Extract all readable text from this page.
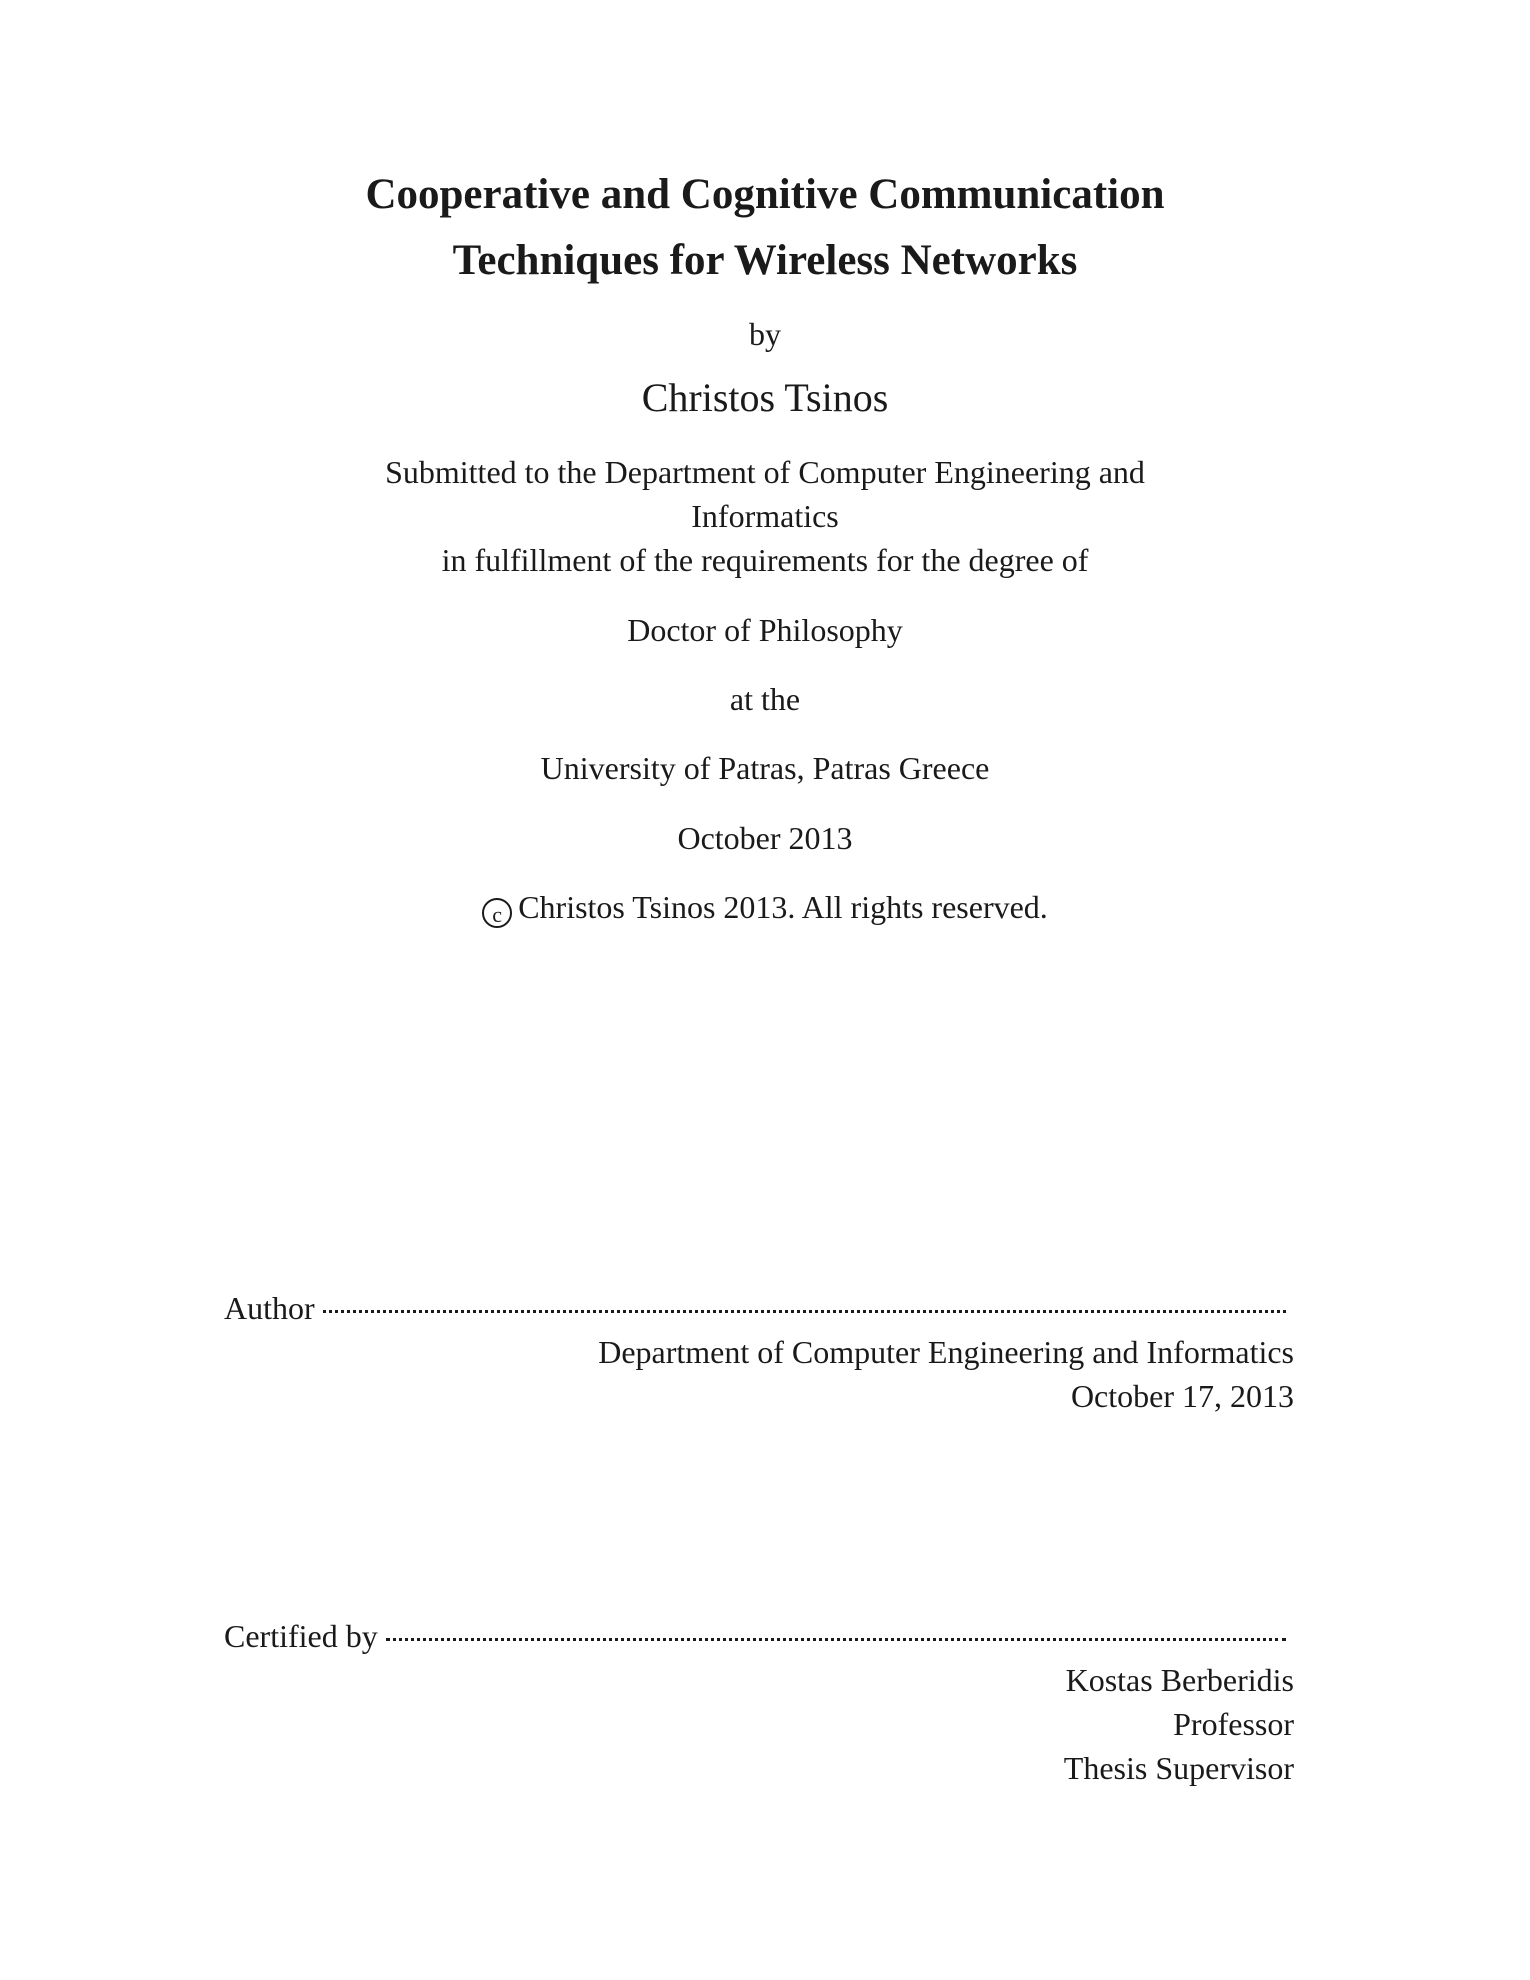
Cooperative and Cognitive Communication
Techniques for Wireless Networks
by
Christos Tsinos
Submitted to the Department of Computer Engineering and
Informatics
in fulfillment of the requirements for the degree of
Doctor of Philosophy
at the
University of Patras, Patras Greece
October 2013
c Christos Tsinos 2013. All rights reserved.
Author
Department of Computer Engineering and Informatics
October 17, 2013
Certified by
Kostas Berberidis
Professor
Thesis Supervisor
